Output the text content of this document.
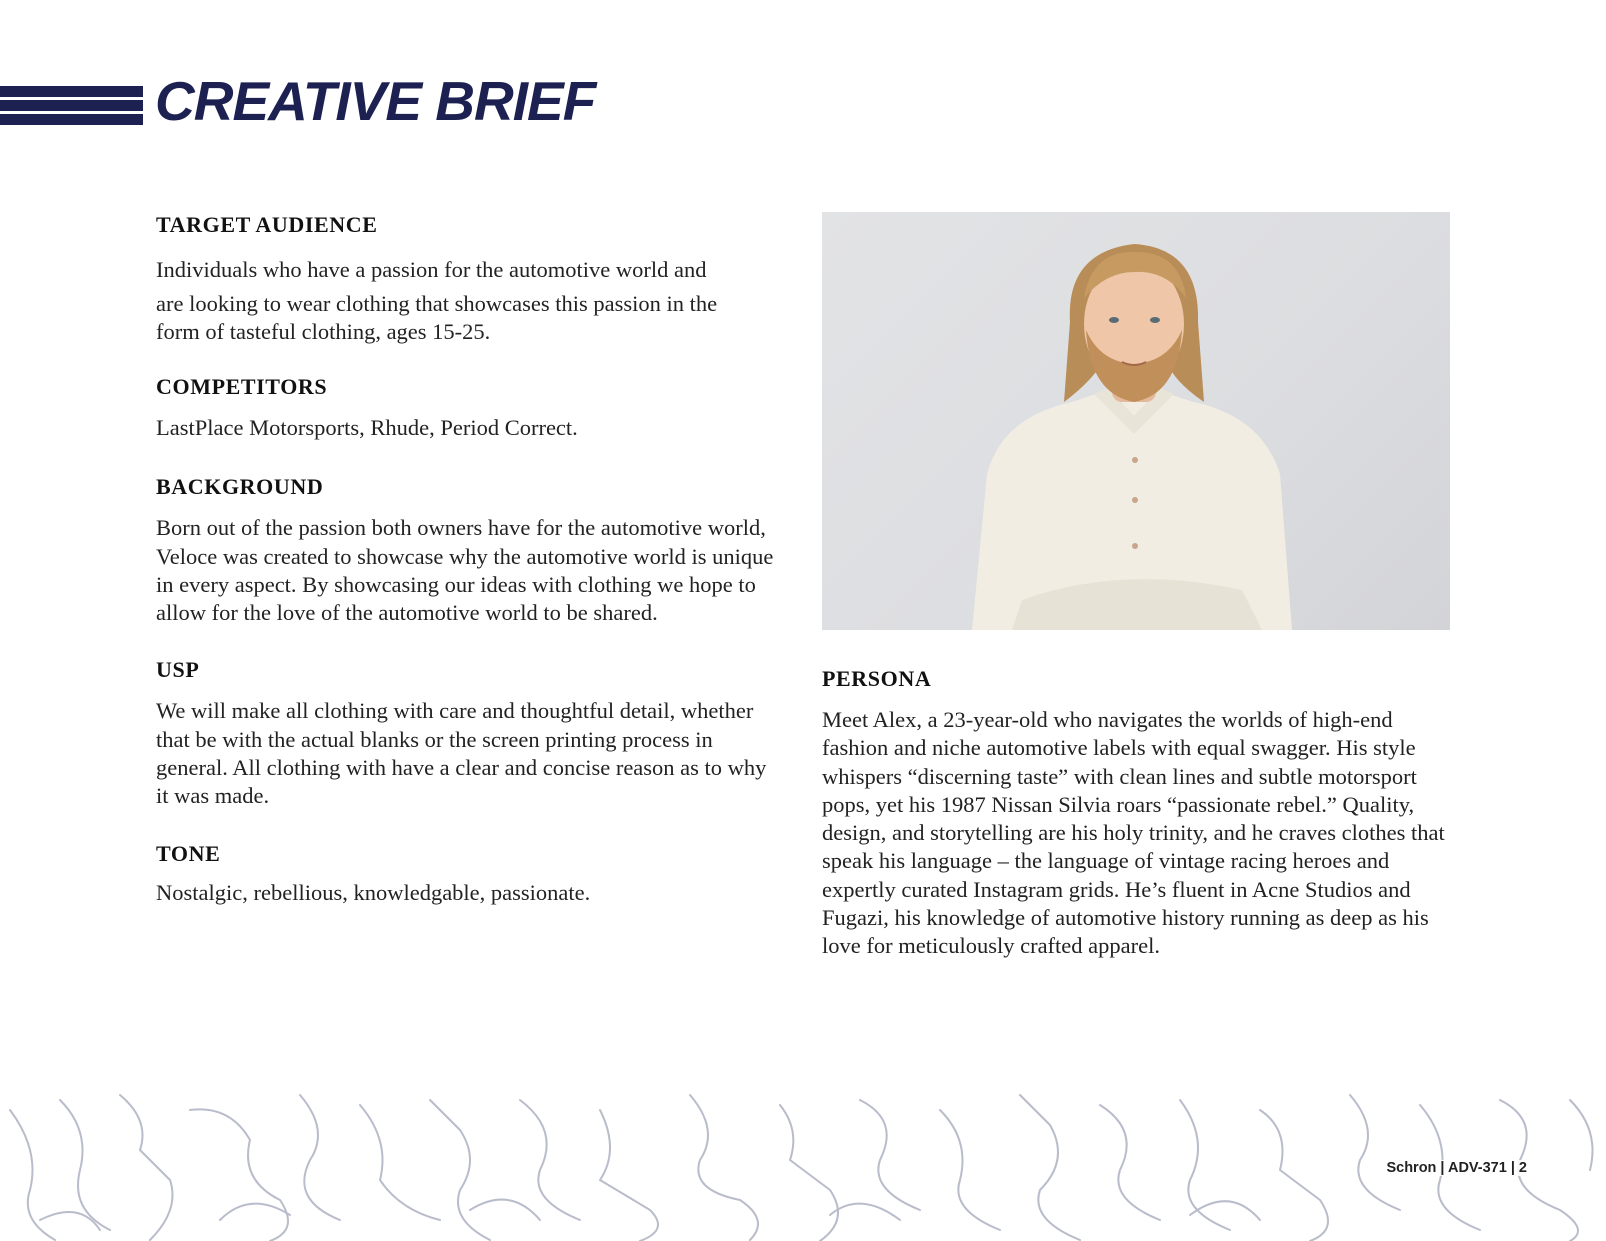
CREATIVE BRIEF
TARGET AUDIENCE

Individuals who have a passion for the automotive world and

are looking to wear clothing that showcases this passion in the
form of tasteful clothing, ages 15-25.

COMPETITORS

LastPlace Motorsports, Rhude, Period Correct.

BACKGROUND

Born out of the passion both owners have for the automotive world, Veloce was created to showcase why the automotive world is unique in every aspect. By showcasing our ideas with clothing we hope to allow for the love of the automotive world to be shared.

USP

We will make all clothing with care and thoughtful detail, whether that be with the actual blanks or the screen printing process in general. All clothing with have a clear and concise reason as to why it was made.

TONE

Nostalgic, rebellious, knowledgable, passionate.

PERSONA

Meet Alex, a 23-year-old who navigates the worlds of high-end fashion and niche automotive labels with equal swagger. His style whispers “discerning taste” with clean lines and subtle motorsport pops, yet his 1987 Nissan Silvia roars “passionate rebel.” Quality, design, and storytelling are his holy trinity, and he craves clothes that speak his language – the language of vintage racing heroes and expertly curated Instagram grids. He’s fluent in Acne Studios and Fugazi, his knowledge of automotive history running as deep as his love for meticulously crafted apparel.

Schron | ADV-371 | 2
